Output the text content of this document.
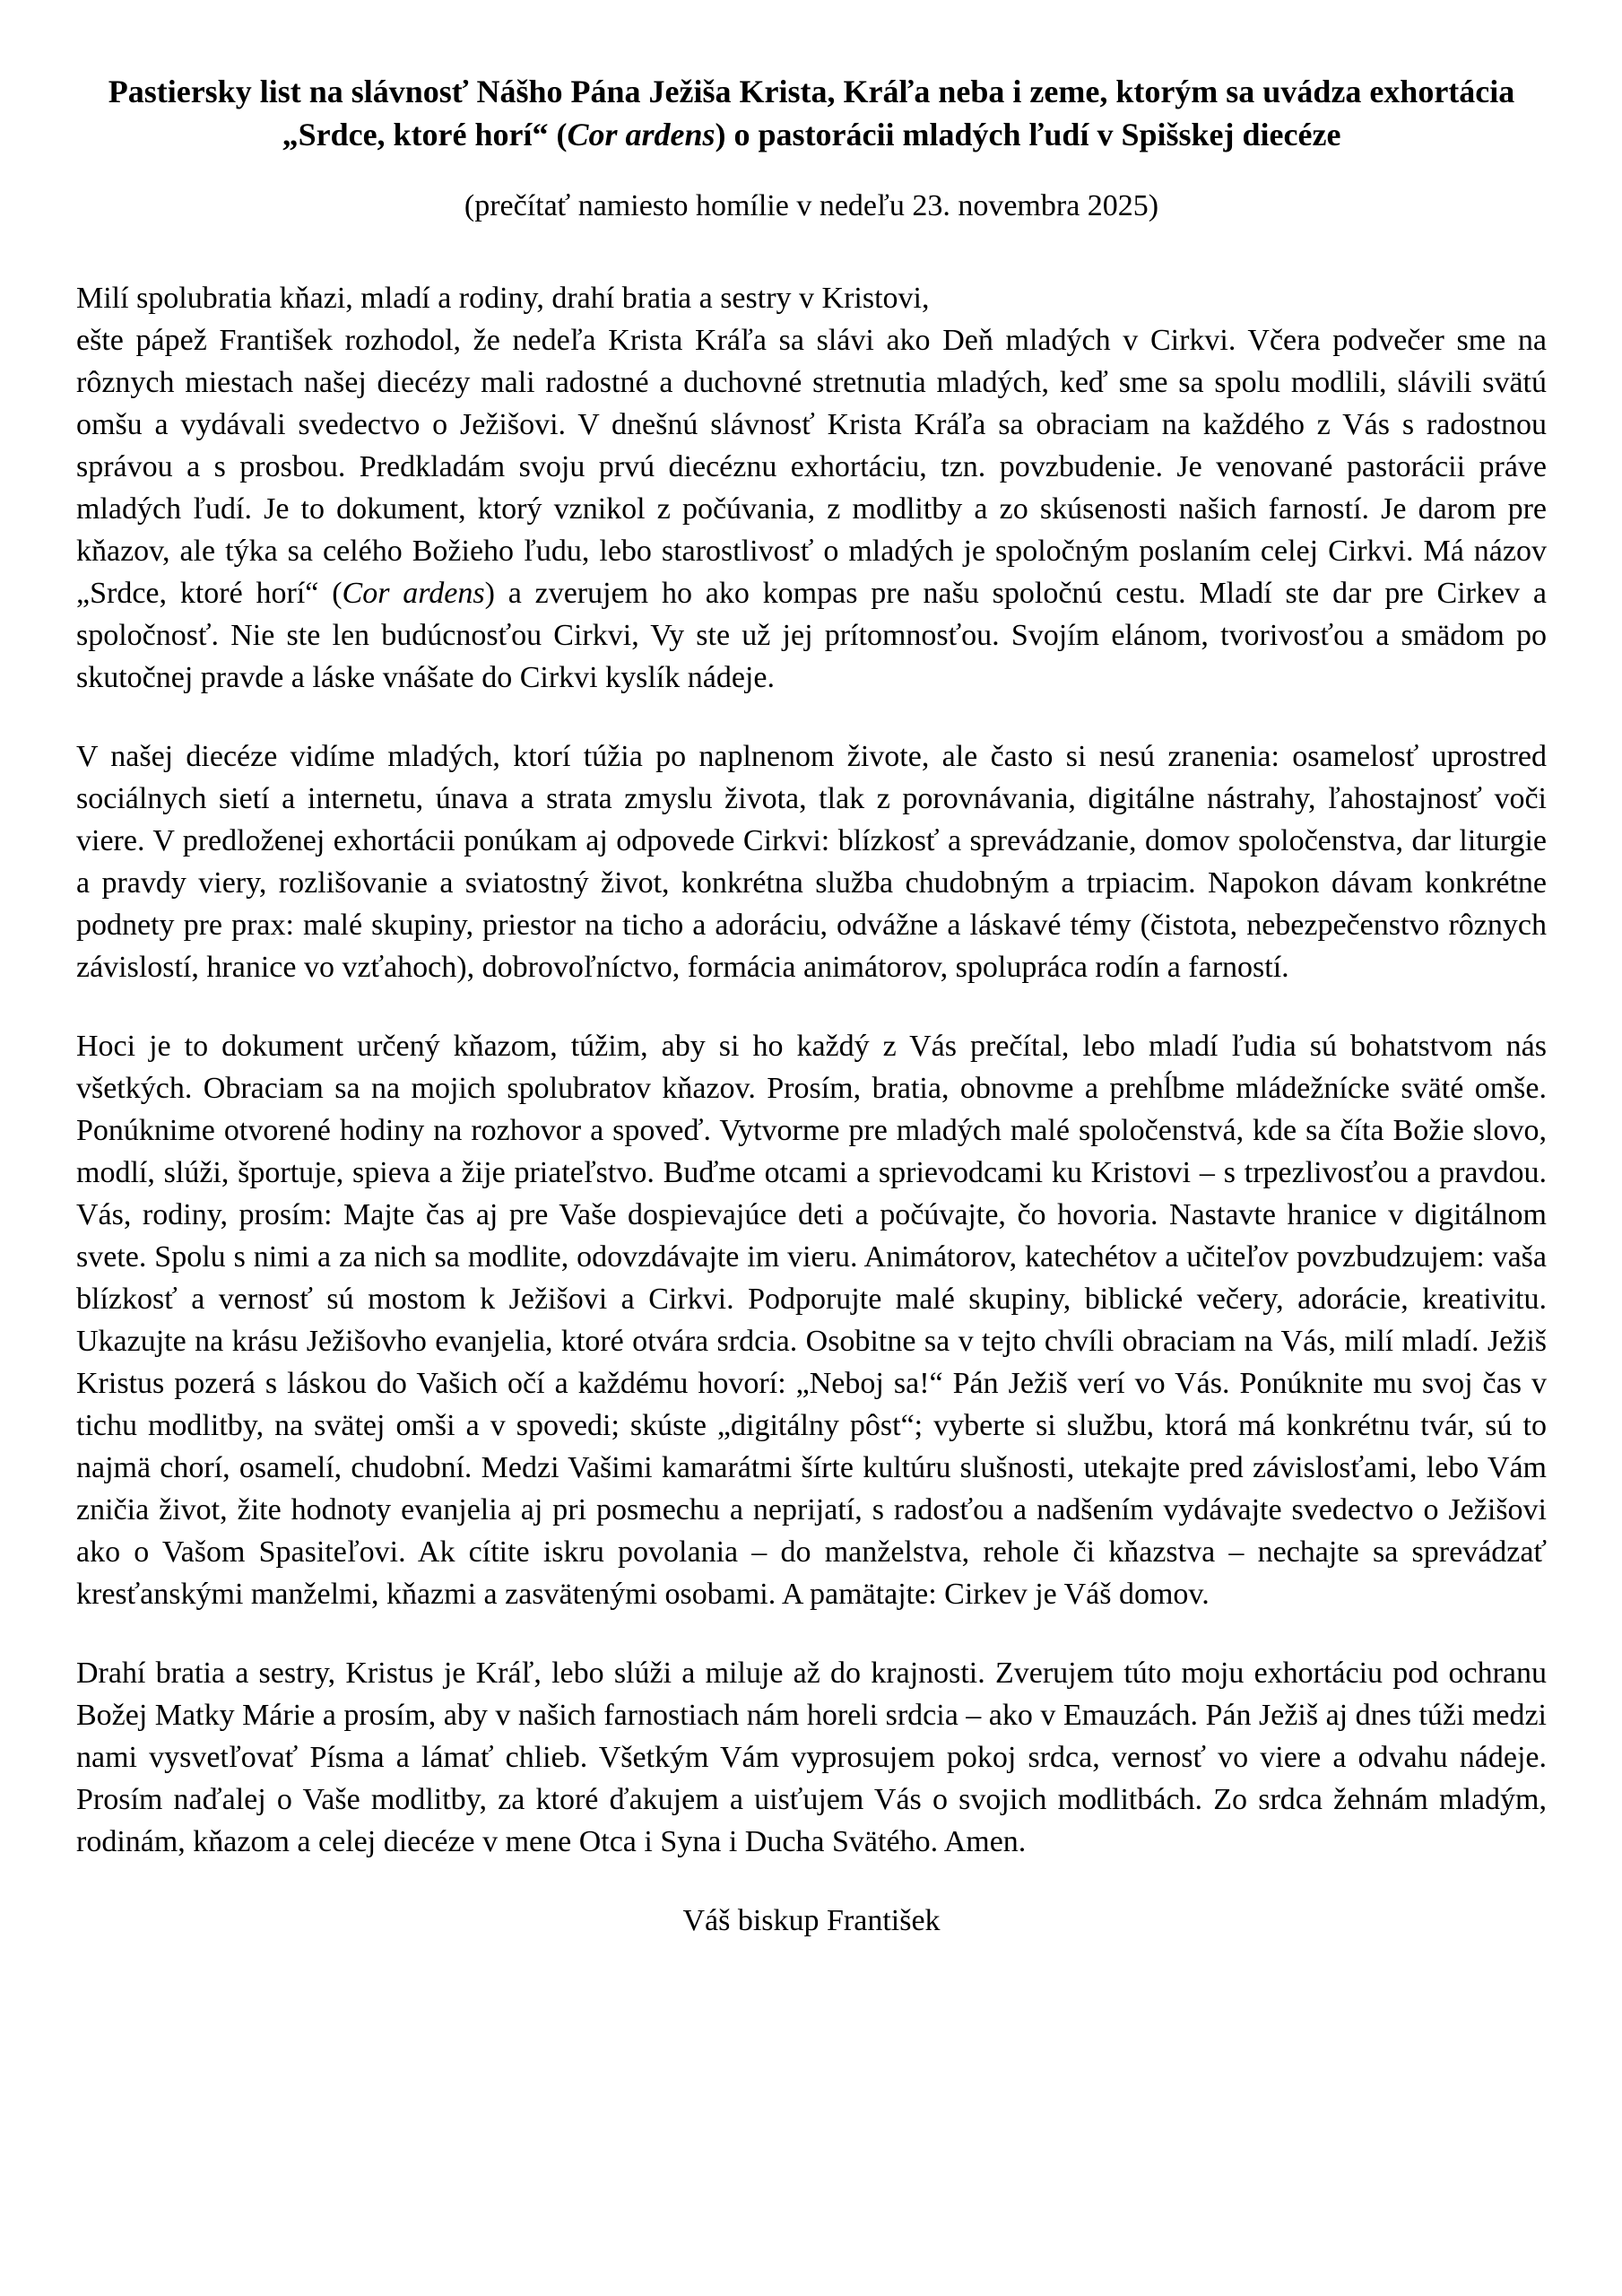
Pastiersky list na slávnosť Nášho Pána Ježiša Krista, Kráľa neba i zeme, ktorým sa uvádza exhortácia „Srdce, ktoré horí“ (Cor ardens) o pastorácii mladých ľudí v Spišskej diecéze

(prečítať namiesto homílie v nedeľu 23. novembra 2025)

Milí spolubratia kňazi, mladí a rodiny, drahí bratia a sestry v Kristovi,

ešte pápež František rozhodol, že nedeľa Krista Kráľa sa slávi ako Deň mladých v Cirkvi. Včera podvečer sme na rôznych miestach našej diecézy mali radostné a duchovné stretnutia mladých, keď sme sa spolu modlili, slávili svätú omšu a vydávali svedectvo o Ježišovi. V dnešnú slávnosť Krista Kráľa sa obraciam na každého z Vás s radostnou správou a s prosbou. Predkladám svoju prvú diecéznu exhortáciu, tzn. povzbudenie. Je venované pastorácii práve mladých ľudí. Je to dokument, ktorý vznikol z počúvania, z modlitby a zo skúsenosti našich farností. Je darom pre kňazov, ale týka sa celého Božieho ľudu, lebo starostlivosť o mladých je spoločným poslaním celej Cirkvi. Má názov „Srdce, ktoré horí“ (Cor ardens) a zverujem ho ako kompas pre našu spoločnú cestu. Mladí ste dar pre Cirkev a spoločnosť. Nie ste len budúcnosťou Cirkvi, Vy ste už jej prítomnosťou. Svojím elánom, tvorivosťou a smädom po skutočnej pravde a láske vnášate do Cirkvi kyslík nádeje.

V našej diecéze vidíme mladých, ktorí túžia po naplnenom živote, ale často si nesú zranenia: osamelosť uprostred sociálnych sietí a internetu, únava a strata zmyslu života, tlak z porovnávania, digitálne nástrahy, ľahostajnosť voči viere. V predloženej exhortácii ponúkam aj odpovede Cirkvi: blízkosť a sprevádzanie, domov spoločenstva, dar liturgie a pravdy viery, rozlišovanie a sviatostný život, konkrétna služba chudobným a trpiacim. Napokon dávam konkrétne podnety pre prax: malé skupiny, priestor na ticho a adoráciu, odvážne a láskavé témy (čistota, nebezpečenstvo rôznych závislostí, hranice vo vzťahoch), dobrovoľníctvo, formácia animátorov, spolupráca rodín a farností.

Hoci je to dokument určený kňazom, túžim, aby si ho každý z Vás prečítal, lebo mladí ľudia sú bohatstvom nás všetkých. Obraciam sa na mojich spolubratov kňazov. Prosím, bratia, obnovme a prehĺbme mládežnícke sväté omše. Ponúknime otvorené hodiny na rozhovor a spoveď. Vytvorme pre mladých malé spoločenstvá, kde sa číta Božie slovo, modlí, slúži, športuje, spieva a žije priateľstvo. Buďme otcami a sprievodcami ku Kristovi – s trpezlivosťou a pravdou. Vás, rodiny, prosím: Majte čas aj pre Vaše dospievajúce deti a počúvajte, čo hovoria. Nastavte hranice v digitálnom svete. Spolu s nimi a za nich sa modlite, odovzdávajte im vieru. Animátorov, katechétov a učiteľov povzbudzujem: vaša blízkosť a vernosť sú mostom k Ježišovi a Cirkvi. Podporujte malé skupiny, biblické večery, adorácie, kreativitu. Ukazujte na krásu Ježišovho evanjelia, ktoré otvára srdcia. Osobitne sa v tejto chvíli obraciam na Vás, milí mladí. Ježiš Kristus pozerá s láskou do Vašich očí a každému hovorí: „Neboj sa!“ Pán Ježiš verí vo Vás. Ponúknite mu svoj čas v tichu modlitby, na svätej omši a v spovedi; skúste „digitálny pôst“; vyberte si službu, ktorá má konkrétnu tvár, sú to najmä chorí, osamelí, chudobní. Medzi Vašimi kamarátmi šírte kultúru slušnosti, utekajte pred závislosťami, lebo Vám zničia život, žite hodnoty evanjelia aj pri posmechu a neprijatí, s radosťou a nadšením vydávajte svedectvo o Ježišovi ako o Vašom Spasiteľovi. Ak cítite iskru povolania – do manželstva, rehole či kňazstva – nechajte sa sprevádzať kresťanskými manželmi, kňazmi a zasvätenými osobami. A pamätajte: Cirkev je Váš domov.

Drahí bratia a sestry, Kristus je Kráľ, lebo slúži a miluje až do krajnosti. Zverujem túto moju exhortáciu pod ochranu Božej Matky Márie a prosím, aby v našich farnostiach nám horeli srdcia – ako v Emauzách. Pán Ježiš aj dnes túži medzi nami vysvetľovať Písma a lámať chlieb. Všetkým Vám vyprosujem pokoj srdca, vernosť vo viere a odvahu nádeje. Prosím naďalej o Vaše modlitby, za ktoré ďakujem a uisťujem Vás o svojich modlitbách. Zo srdca žehnám mladým, rodinám, kňazom a celej diecéze v mene Otca i Syna i Ducha Svätého. Amen.

Váš biskup František
